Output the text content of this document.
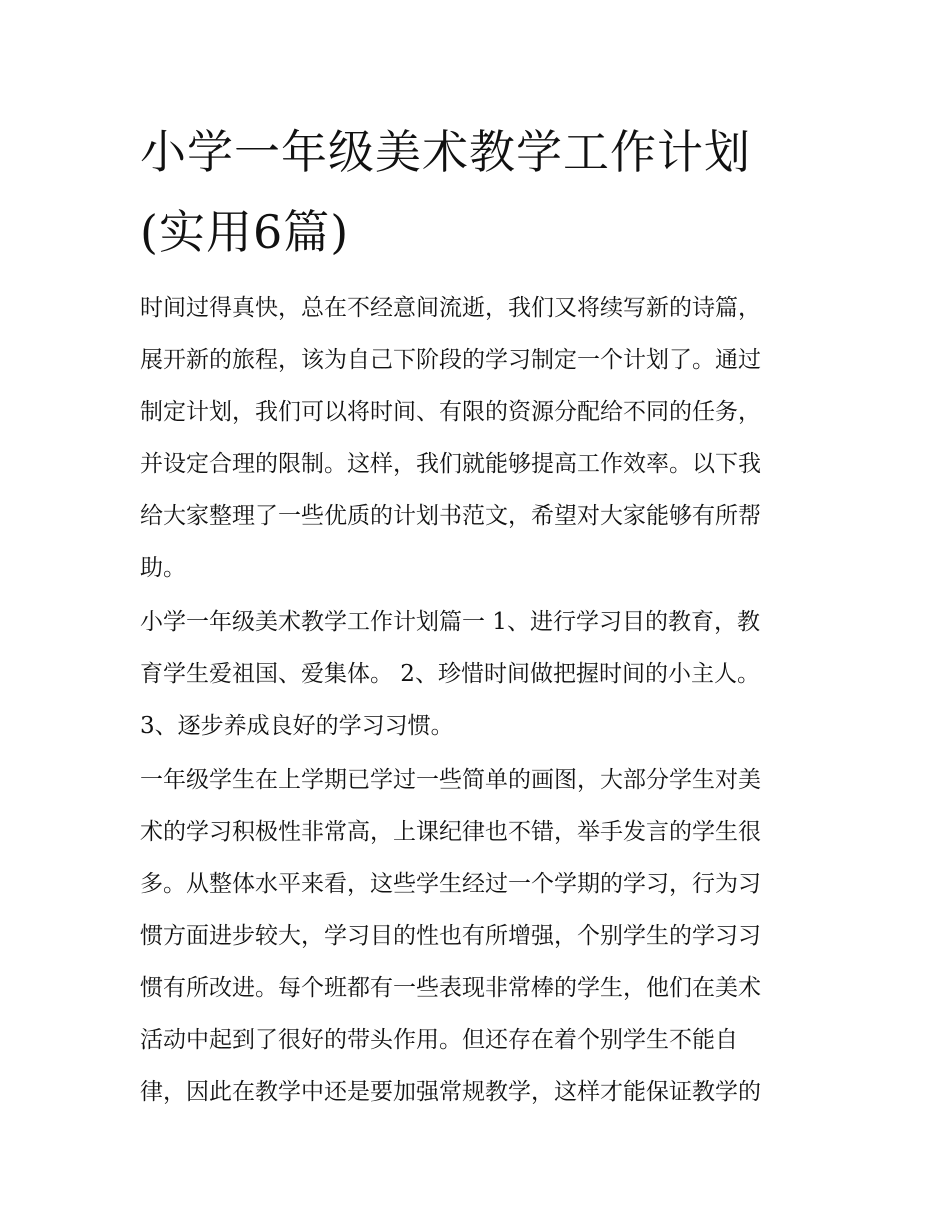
小学一年级美术教学工作计划
(实用6篇)
时间过得真快，总在不经意间流逝，我们又将续写新的诗篇，
展开新的旅程，该为自己下阶段的学习制定一个计划了。通过
制定计划，我们可以将时间、有限的资源分配给不同的任务，
并设定合理的限制。这样，我们就能够提高工作效率。以下我
给大家整理了一些优质的计划书范文，希望对大家能够有所帮
助。
小学一年级美术教学工作计划篇一 1、进行学习目的教育，教
育学生爱祖国、爱集体。 2、珍惜时间做把握时间的小主人。
3、逐步养成良好的学习习惯。
一年级学生在上学期已学过一些简单的画图，大部分学生对美
术的学习积极性非常高，上课纪律也不错，举手发言的学生很
多。从整体水平来看，这些学生经过一个学期的学习，行为习
惯方面进步较大，学习目的性也有所增强，个别学生的学习习
惯有所改进。每个班都有一些表现非常棒的学生，他们在美术
活动中起到了很好的带头作用。但还存在着个别学生不能自
律，因此在教学中还是要加强常规教学，这样才能保证教学的
